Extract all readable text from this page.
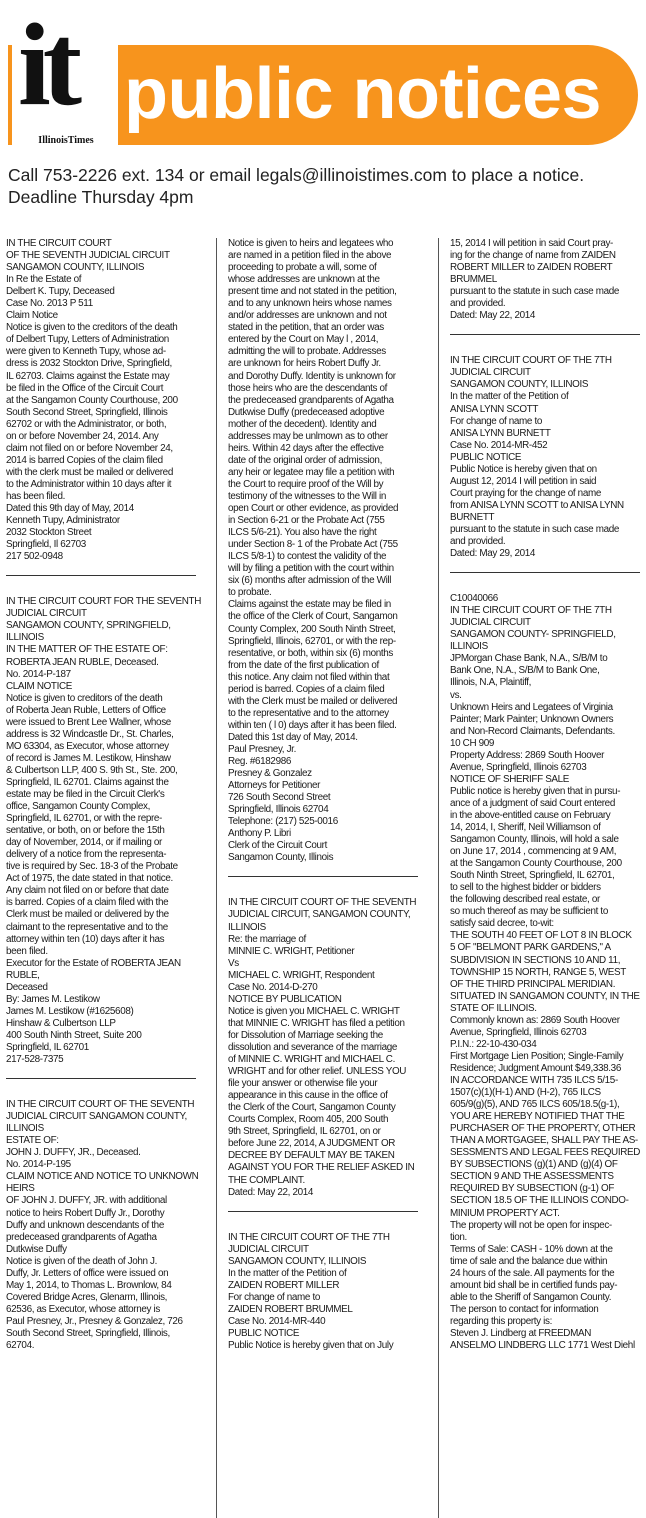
public notices
it
IllinoisTimes
Call 753-2226 ext. 134 or email legals@illinoistimes.com to place a notice.
Deadline Thursday 4pm
IN THE CIRCUIT COURT
OF THE SEVENTH JUDICIAL CIRCUIT
SANGAMON COUNTY, ILLINOIS
In Re the Estate of
Delbert K. Tupy, Deceased
Case No. 2013 P 511
Claim Notice
Notice is given to the creditors of the death
of Delbert Tupy, Letters of Administration
were given to Kenneth Tupy, whose ad-
dress is 2032 Stockton Drive, Springfield,
IL 62703. Claims against the Estate may
be filed in the Office of the Circuit Court
at the Sangamon County Courthouse, 200
South Second Street, Springfield, Illinois
62702 or with the Administrator, or both,
on or before November 24, 2014. Any
claim not filed on or before November 24,
2014 is barred Copies of the claim filed
with the clerk must be mailed or delivered
to the Administrator within 10 days after it
has been filed.
Dated this 9th day of May, 2014
Kenneth Tupy, Administrator
2032 Stockton Street
Springfield, Il 62703
217 502-0948
IN THE CIRCUIT COURT FOR THE SEVENTH
JUDICIAL CIRCUIT
SANGAMON COUNTY, SPRINGFIELD,
ILLINOIS
IN THE MATTER OF THE ESTATE OF:
ROBERTA JEAN RUBLE, Deceased.
No. 2014-P-187
CLAIM NOTICE
Notice is given to creditors of the death
of Roberta Jean Ruble, Letters of Office
were issued to Brent Lee Wallner, whose
address is 32 Windcastle Dr., St. Charles,
MO 63304, as Executor, whose attorney
of record is James M. Lestikow, Hinshaw
& Culbertson LLP, 400 S. 9th St., Ste. 200,
Springfield, IL 62701. Claims against the
estate may be filed in the Circuit Clerk's
office, Sangamon County Complex,
Springfield, IL 62701, or with the repre-
sentative, or both, on or before the 15th
day of November, 2014, or if mailing or
delivery of a notice from the representa-
tive is required by Sec. 18-3 of the Probate
Act of 1975, the date stated in that notice.
Any claim not filed on or before that date
is barred. Copies of a claim filed with the
Clerk must be mailed or delivered by the
claimant to the representative and to the
attorney within ten (10) days after it has
been filed.
Executor for the Estate of ROBERTA JEAN
RUBLE,
Deceased
By: James M. Lestikow
James M. Lestikow (#1625608)
Hinshaw & Culbertson LLP
400 South Ninth Street, Suite 200
Springfield, IL 62701
217-528-7375
IN THE CIRCUIT COURT OF THE SEVENTH
JUDICIAL CIRCUIT SANGAMON COUNTY,
ILLINOIS
ESTATE OF:
JOHN J. DUFFY, JR., Deceased.
No. 2014-P-195
CLAIM NOTICE AND NOTICE TO UNKNOWN
HEIRS
OF JOHN J. DUFFY, JR. with additional
notice to heirs Robert Duffy Jr., Dorothy
Duffy and unknown descendants of the
predeceased grandparents of Agatha
Dutkwise Duffy
Notice is given of the death of John J.
Duffy, Jr. Letters of office were issued on
May 1, 2014, to Thomas L. Brownlow, 84
Covered Bridge Acres, Glenarm, Illinois,
62536, as Executor, whose attorney is
Paul Presney, Jr., Presney & Gonzalez, 726
South Second Street, Springfield, Illinois,
62704.
Notice is given to heirs and legatees who
are named in a petition filed in the above
proceeding to probate a will, some of
whose addresses are unknown at the
present time and not stated in the petition,
and to any unknown heirs whose names
and/or addresses are unknown and not
stated in the petition, that an order was
entered by the Court on May l , 2014,
admitting the will to probate. Addresses
are unknown for heirs Robert Duffy Jr.
and Dorothy Duffy. Identity is unknown for
those heirs who are the descendants of
the predeceased grandparents of Agatha
Dutkwise Duffy (predeceased adoptive
mother of the decedent). Identity and
addresses may be unlmown as to other
heirs. Within 42 days after the effective
date of the original order of admission,
any heir or legatee may file a petition with
the Court to require proof of the Will by
testimony of the witnesses to the Will in
open Court or other evidence, as provided
in Section 6-21 or the Probate Act (755
ILCS 5/6-21). You also have the right
under Section 8- 1 of the Probate Act (755
ILCS 5/8-1) to contest the validity of the
will by filing a petition with the court within
six (6) months after admission of the Will
to probate.
Claims against the estate may be filed in
the office of the Clerk of Court, Sangamon
County Complex, 200 South Ninth Street,
Springfield, Illinois, 62701, or with the rep-
resentative, or both, within six (6) months
from the date of the first publication of
this notice. Any claim not filed within that
period is barred. Copies of a claim filed
with the Clerk must be mailed or delivered
to the representative and to the attorney
within ten ( l 0) days after it has been filed.
Dated this 1st day of May, 2014.
Paul Presney, Jr.
Reg. #6182986
Presney & Gonzalez
Attorneys for Petitioner
726 South Second Street
Springfield, Illinois 62704
Telephone: (217) 525-0016
Anthony P. Libri
Clerk of the Circuit Court
Sangamon County, Illinois
IN THE CIRCUIT COURT OF THE SEVENTH
JUDICIAL CIRCUIT, SANGAMON COUNTY,
ILLINOIS
Re: the marriage of
MINNIE C. WRIGHT, Petitioner
Vs
MICHAEL C. WRIGHT, Respondent
Case No. 2014-D-270
NOTICE BY PUBLICATION
Notice is given you MICHAEL C. WRIGHT
that MINNIE C. WRIGHT has filed a petition
for Dissolution of Marriage seeking the
dissolution and severance of the marriage
of MINNIE C. WRIGHT and MICHAEL C.
WRIGHT and for other relief. UNLESS YOU
file your answer or otherwise file your
appearance in this cause in the office of
the Clerk of the Court, Sangamon County
Courts Complex, Room 405, 200 South
9th Street, Springfield, IL 62701, on or
before June 22, 2014, A JUDGMENT OR
DECREE BY DEFAULT MAY BE TAKEN
AGAINST YOU FOR THE RELIEF ASKED IN
THE COMPLAINT.
Dated: May 22, 2014
IN THE CIRCUIT COURT OF THE 7TH
JUDICIAL CIRCUIT
SANGAMON COUNTY, ILLINOIS
In the matter of the Petition of
ZAIDEN ROBERT MILLER
For change of name to
ZAIDEN ROBERT BRUMMEL
Case No. 2014-MR-440
PUBLIC NOTICE
Public Notice is hereby given that on July
15, 2014 I will petition in said Court pray-
ing for the change of name from ZAIDEN
ROBERT MILLER to ZAIDEN ROBERT
BRUMMEL
pursuant to the statute in such case made
and provided.
Dated: May 22, 2014
IN THE CIRCUIT COURT OF THE 7TH
JUDICIAL CIRCUIT
SANGAMON COUNTY, ILLINOIS
In the matter of the Petition of
ANISA LYNN SCOTT
For change of name to
ANISA LYNN BURNETT
Case No. 2014-MR-452
PUBLIC NOTICE
Public Notice is hereby given that on
August 12, 2014 I will petition in said
Court praying for the change of name
from ANISA LYNN SCOTT to ANISA LYNN
BURNETT
pursuant to the statute in such case made
and provided.
Dated: May 29, 2014
C10040066
IN THE CIRCUIT COURT OF THE 7TH
JUDICIAL CIRCUIT
SANGAMON COUNTY- SPRINGFIELD,
ILLINOIS
JPMorgan Chase Bank, N.A., S/B/M to
Bank One, N.A., S/B/M to Bank One,
Illinois, N.A, Plaintiff,
vs.
Unknown Heirs and Legatees of Virginia
Painter; Mark Painter; Unknown Owners
and Non-Record Claimants, Defendants.
10 CH 909
Property Address: 2869 South Hoover
Avenue, Springfield, Illinois 62703
NOTICE OF SHERIFF SALE
Public notice is hereby given that in pursu-
ance of a judgment of said Court entered
in the above-entitled cause on February
14, 2014, I, Sheriff, Neil Williamson of
Sangamon County, Illinois, will hold a sale
on June 17, 2014 , commencing at 9 AM,
at the Sangamon County Courthouse, 200
South Ninth Street, Springfield, IL 62701,
to sell to the highest bidder or bidders
the following described real estate, or
so much thereof as may be sufficient to
satisfy said decree, to-wit:
THE SOUTH 40 FEET OF LOT 8 IN BLOCK
5 OF "BELMONT PARK GARDENS," A
SUBDIVISION IN SECTIONS 10 AND 11,
TOWNSHIP 15 NORTH, RANGE 5, WEST
OF THE THIRD PRINCIPAL MERIDIAN.
SITUATED IN SANGAMON COUNTY, IN THE
STATE OF ILLINOIS.
Commonly known as: 2869 South Hoover
Avenue, Springfield, Illinois 62703
P.I.N.: 22-10-430-034
First Mortgage Lien Position; Single-Family
Residence; Judgment Amount $49,338.36
IN ACCORDANCE WITH 735 ILCS 5/15-
1507(c)(1)(H-1) AND (H-2), 765 ILCS
605/9(g)(5), AND 765 ILCS 605/18.5(g-1),
YOU ARE HEREBY NOTIFIED THAT THE
PURCHASER OF THE PROPERTY, OTHER
THAN A MORTGAGEE, SHALL PAY THE AS-
SESSMENTS AND LEGAL FEES REQUIRED
BY SUBSECTIONS (g)(1) AND (g)(4) OF
SECTION 9 AND THE ASSESSMENTS
REQUIRED BY SUBSECTION (g-1) OF
SECTION 18.5 OF THE ILLINOIS CONDO-
MINIUM PROPERTY ACT.
The property will not be open for inspec-
tion.
Terms of Sale: CASH - 10% down at the
time of sale and the balance due within
24 hours of the sale. All payments for the
amount bid shall be in certified funds pay-
able to the Sheriff of Sangamon County.
The person to contact for information
regarding this property is:
Steven J. Lindberg at FREEDMAN
ANSELMO LINDBERG LLC 1771 West Diehl
